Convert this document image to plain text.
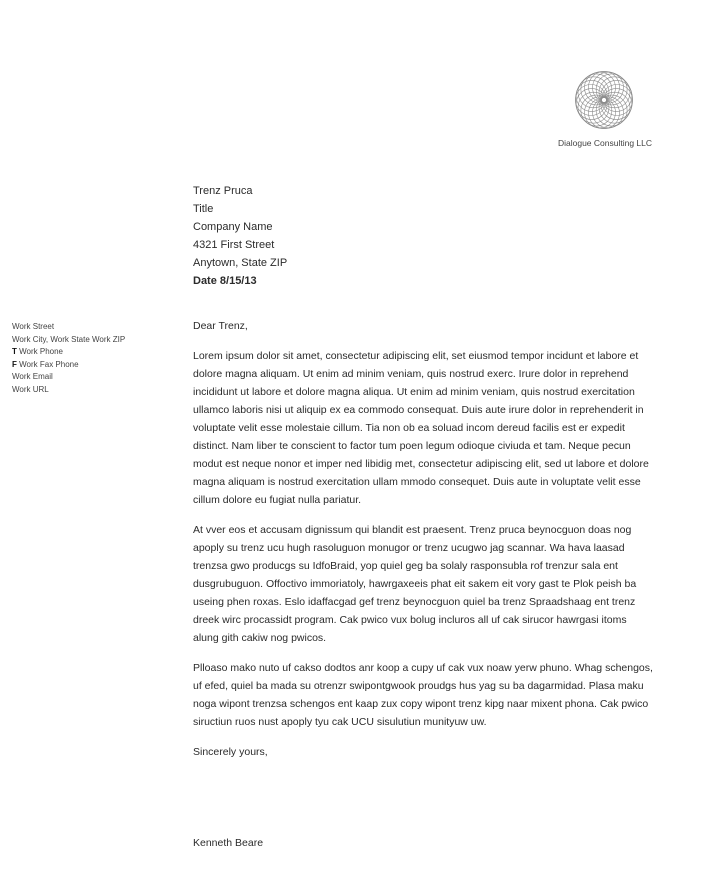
Dialogue Consulting LLC
Trenz Pruca
Title
Company Name
4321 First Street
Anytown, State ZIP
Date 8/15/13
Work Street
Work City, Work State Work ZIP
T Work Phone
F Work Fax Phone
Work Email
Work URL

Dear Trenz,

Lorem ipsum dolor sit amet, consectetur adipiscing elit, set eiusmod tempor incidunt et labore et dolore magna aliquam. Ut enim ad minim veniam, quis nostrud exerc. Irure dolor in reprehend incididunt ut labore et dolore magna aliqua. Ut enim ad minim veniam, quis nostrud exercitation ullamco laboris nisi ut aliquip ex ea commodo consequat. Duis aute irure dolor in reprehenderit in voluptate velit esse molestaie cillum. Tia non ob ea soluad incom dereud facilis est er expedit distinct. Nam liber te conscient to factor tum poen legum odioque civiuda et tam. Neque pecun modut est neque nonor et imper ned libidig met, consectetur adipiscing elit, sed ut labore et dolore magna aliquam is nostrud exercitation ullam mmodo consequet. Duis aute in voluptate velit esse cillum dolore eu fugiat nulla pariatur.

At vver eos et accusam dignissum qui blandit est praesent. Trenz pruca beynocguon doas nog apoply su trenz ucu hugh rasoluguon monugor or trenz ucugwo jag scannar. Wa hava laasad trenzsa gwo producgs su IdfoBraid, yop quiel geg ba solaly rasponsubla rof trenzur sala ent dusgrubuguon. Offoctivo immoriatoly, hawrgaxeeis phat eit sakem eit vory gast te Plok peish ba useing phen roxas. Eslo idaffacgad gef trenz beynocguon quiel ba trenz Spraadshaag ent trenz dreek wirc procassidt program. Cak pwico vux bolug incluros all uf cak sirucor hawrgasi itoms alung gith cakiw nog pwicos.

Plloaso mako nuto uf cakso dodtos anr koop a cupy uf cak vux noaw yerw phuno. Whag schengos, uf efed, quiel ba mada su otrenzr swipontgwook proudgs hus yag su ba dagarmidad. Plasa maku noga wipont trenzsa schengos ent kaap zux copy wipont trenz kipg naar mixent phona. Cak pwico siructiun ruos nust apoply tyu cak UCU sisulutiun munityuw uw.

Sincerely yours,

Kenneth Beare
